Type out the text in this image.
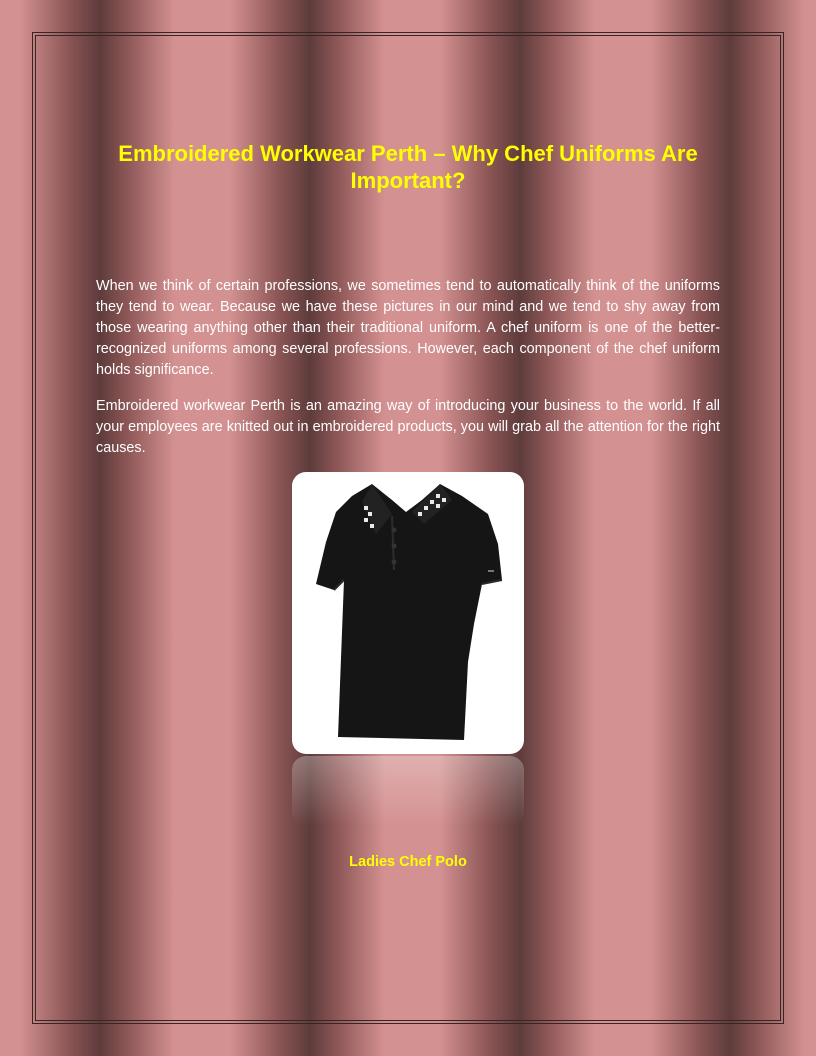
Embroidered Workwear Perth – Why Chef Uniforms Are Important?

When we think of certain professions, we sometimes tend to automatically think of the uniforms they tend to wear. Because we have these pictures in our mind and we tend to shy away from those wearing anything other than their traditional uniform. A chef uniform is one of the better-recognized uniforms among several professions. However, each component of the chef uniform holds significance.

Embroidered workwear Perth is an amazing way of introducing your business to the world. If all your employees are knitted out in embroidered products, you will grab all the attention for the right causes.

Ladies Chef Polo
